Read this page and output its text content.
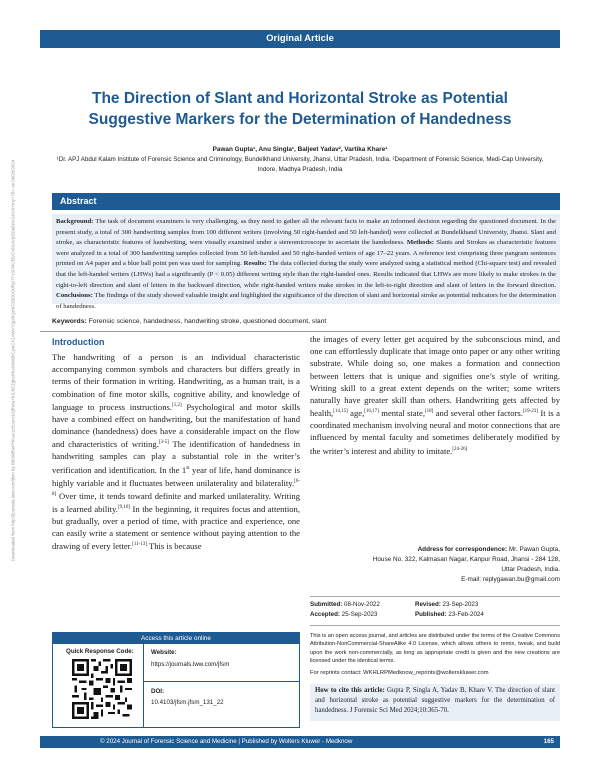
Original Article
The Direction of Slant and Horizontal Stroke as Potential
Suggestive Markers for the Determination of Handedness
Pawan Gupta¹, Anu Singla¹, Baljeet Yadav², Vartika Khare¹
¹Dr. APJ Abdul Kalam Institute of Forensic Science and Criminology, Bundelkhand University, Jhansi, Uttar Pradesh, India, ²Department of Forensic Science, Medi-Cap University, Indore, Madhya Pradesh, India
Downloaded from http://journals.lww.com/jfsm by BhDMf5ePHKav1zEoum1tQfN4a+kJLhEZgbsIHo4XMi0hCywCX1AWnYQp/IlQrHD3i3D0OdRyi7TvSFl4Cf3VC4/OAVpDDa8KKGKV0Ymy+78= on 06/26/2024	Abstract
Background: The task of document examiners is very challenging, as they need to gather all the relevant facts to make an informed decision regarding the questioned document. In the present study, a total of 300 handwriting samples from 100 different writers (involving 50 right-handed and 50 left-handed) were collected at Bundelkhand University, Jhansi. Slant and stroke, as characteristic features of handwriting, were visually examined under a stereomicroscope to ascertain the handedness. Methods: Slants and Strokes as characteristic features were analyzed in a total of 300 handwriting samples collected from 50 left-handed and 50 right-handed writers of age 17–22 years. A reference text comprising three pangram sentences printed on A4 paper and a blue ball point pen was used for sampling. Results: The data collected during the study were analyzed using a statistical method (Chi-square test) and revealed that the left-handed writers (LHWs) had a significantly (P < 0.05) different writing style than the right-handed ones. Results indicated that LHWs are more likely to make strokes in the right-to-left direction and slant of letters in the backward direction, while right-handed writers make strokes in the left-to-right direction and slant of letters in the forward direction. Conclusions: The findings of the study showed valuable insight and highlighted the significance of the direction of slant and horizontal stroke as potential indicators for the determination of handedness.
Keywords: Forensic science, handedness, handwriting stroke, questioned document, slant
Introduction
The handwriting of a person is an individual characteristic accompanying common symbols and characters but differs greatly in terms of their formation in writing. Handwriting, as a human trait, is a combination of fine motor skills, cognitive ability, and knowledge of language to process instructions.[1,2] Psychological and motor skills have a combined effect on handwriting, but the manifestation of hand dominance (handedness) does have a considerable impact on the flow and characteristics of writing.[3-5] The identification of handedness in handwriting samples can play a substantial role in the writer’s verification and identification. In the 1st year of life, hand dominance is highly variable and it fluctuates between unilaterality and bilaterality.[6-8] Over time, it tends toward definite and marked unilaterality. Writing is a learned ability.[9,10] In the beginning, it requires focus and attention, but gradually, over a period of time, with practice and experience, one can easily write a statement or sentence without paying attention to the drawing of every letter.[11-13] This is because
the images of every letter get acquired by the subconscious mind, and one can effortlessly duplicate that image onto paper or any other writing substrate. While doing so, one makes a formation and connection between letters that is unique and signifies one’s style of writing. Writing skill to a great extent depends on the writer; some writers naturally have greater skill than others. Handwriting gets affected by health,[14,15] age,[16,17] mental state,[18] and several other factors.[19-23] It is a coordinated mechanism involving neural and motor connections that are influenced by mental faculty and sometimes deliberately modified by the writer’s interest and ability to imitate.[24-26]
Address for correspondence: Mr. Pawan Gupta,
House No. 322, Kalmasan Nagar, Kanpur Road, Jhansi - 284 128,
Uttar Pradesh, India.
E-mail: replygawan.bu@gmail.com
Submitted: 08-Nov-2022	Revised: 23-Sep-2023
Accepted: 25-Sep-2023	Published: 23-Feb-2024
This is an open access journal, and articles are distributed under the terms of the Creative Commons Attribution-NonCommercial-ShareAlike 4.0 License, which allows others to remix, tweak, and build upon the work non-commercially, as long as appropriate credit is given and the new creations are licensed under the identical terms.
For reprints contact: WKHLRPMedknow_reprints@wolterskluwer.com
How to cite this article: Gupta P, Singla A, Yadav B, Khare V. The direction of slant and horizontal stroke as potential suggestive markers for the determination of handedness. J Forensic Sci Med 2024;10:365-70.
Access this article online
Quick Response Code:	Website:
https://journals.lww.com/jfsm
DOI:
10.4103/jfsm.jfsm_131_22
© 2024 Journal of Forensic Science and Medicine | Published by Wolters Kluwer - Medknow	165
